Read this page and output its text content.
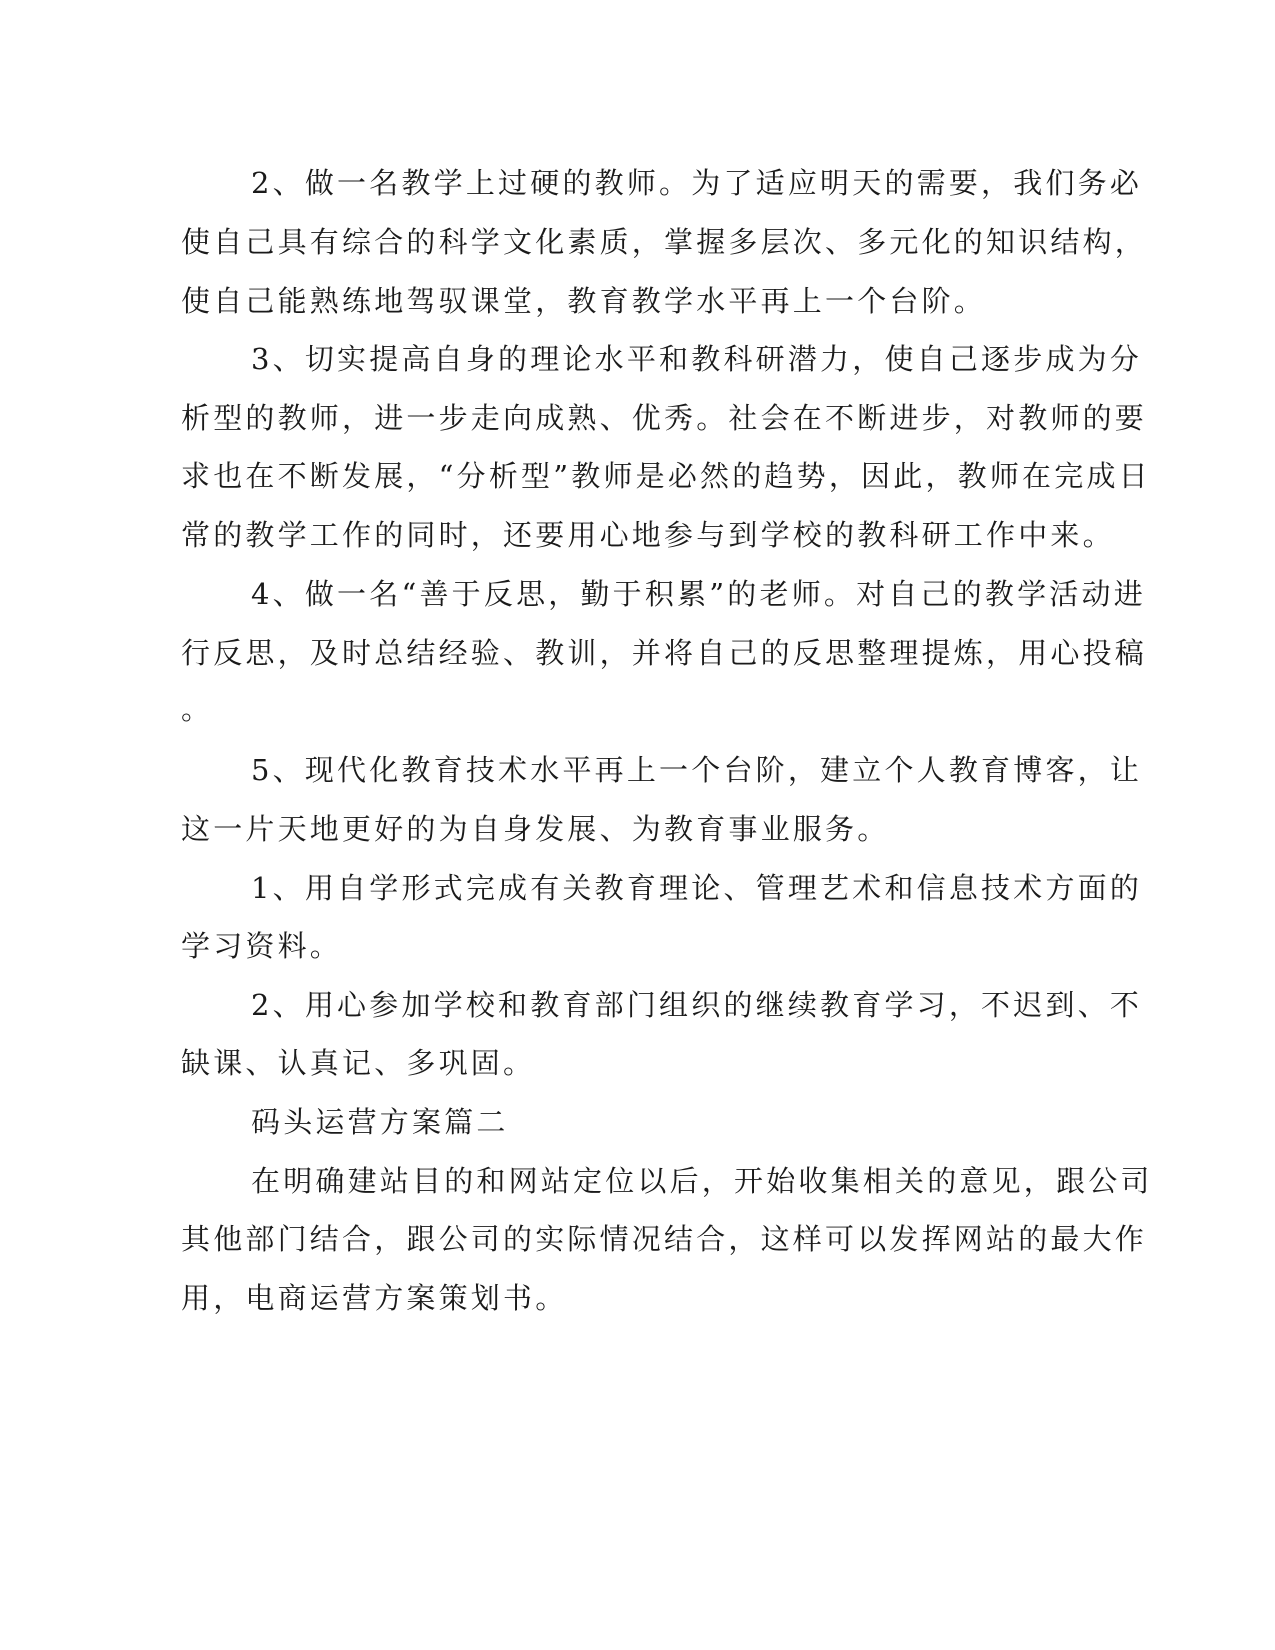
2、做一名教学上过硬的教师。为了适应明天的需要，我们务必
使自己具有综合的科学文化素质，掌握多层次、多元化的知识结构，
使自己能熟练地驾驭课堂，教育教学水平再上一个台阶。
3、切实提高自身的理论水平和教科研潜力，使自己逐步成为分
析型的教师，进一步走向成熟、优秀。社会在不断进步，对教师的要
求也在不断发展，“分析型”教师是必然的趋势，因此，教师在完成日
常的教学工作的同时，还要用心地参与到学校的教科研工作中来。
4、做一名“善于反思，勤于积累”的老师。对自己的教学活动进
行反思，及时总结经验、教训，并将自己的反思整理提炼，用心投稿
。
5、现代化教育技术水平再上一个台阶，建立个人教育博客，让
这一片天地更好的为自身发展、为教育事业服务。
1、用自学形式完成有关教育理论、管理艺术和信息技术方面的
学习资料。
2、用心参加学校和教育部门组织的继续教育学习，不迟到、不
缺课、认真记、多巩固。
码头运营方案篇二
在明确建站目的和网站定位以后，开始收集相关的意见，跟公司
其他部门结合，跟公司的实际情况结合，这样可以发挥网站的最大作
用，电商运营方案策划书。
